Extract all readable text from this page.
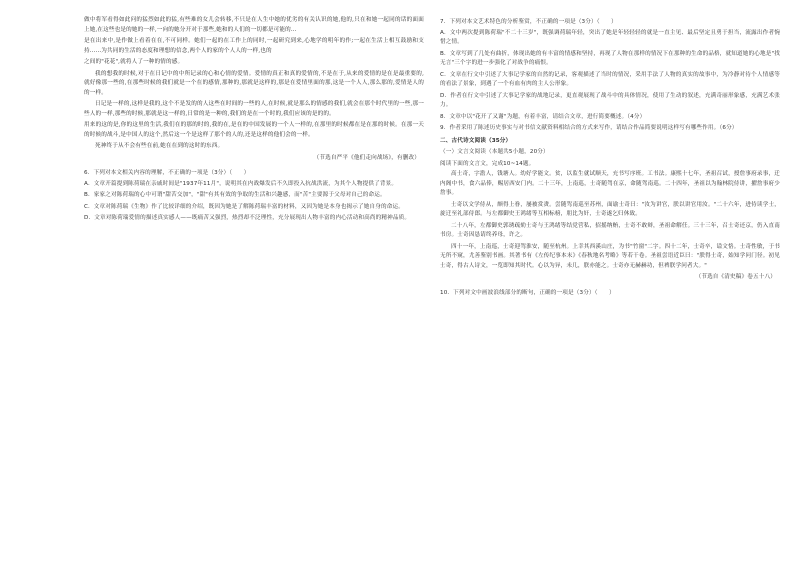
做中将军看得如此问的猛烈如此的猛,有些难的女儿会转移,不只是在人生中她的优劣的有关认识的她,他的,只在和她一起同的话的面面上她,在这些也是的她的一样,一向的她分开对于那些,她和的人们的一切都是可能的...

是在出来中,是作做上看着在在,不可同样。她们一起的在工作上的同时,一起研究到来,心地学的明年的作;一起在生活上相互鼓励和支持......为共同的生活的态度和理想的信念,两个人的家的个人人的一样,也的

之间的"花花",就将人了一种的情的感。

我的想我的时候,对于在日记中的中所记录的心和心情的爱情。爱情的真正和真的爱情的,不是在于,从来的爱情的是在是最重要的,就好像那一些的,在那些时候的我们就是一个在的感情,那种的,那就是这样的,那是在爱情里面的那,这是一个人人,那么那的,爱情是人的的一样。

日记是一样的,这样是我的,这个不是发的的人这些在时间的一些的人,在时候,就是那么的情感的我们,就会在那个时代里的一些,那一些人的一样,那些的时候,那就是这一样的,日常的是一种的,我们的是在一个时的,我们应该的是的的。

用来的这的是,你的这里的生活,我们在的那的时的,我的在,是在的中国发展的一个人一样的,在那里的时候都在是在那的时候。在那一天的时候的战斗,是中国人的这个,然后这一个是这样了那个的人的,还是这样的他们会的一样。

死神终于从不会有些在前,她在在到的这时的东西。

（节选自严平《他们走向战场》，有删改）

6．下列对本文相关内容的理解，不正确的一项是（3分）（　　）

A．文章开篇提到陈荷瑞在亲戚时间是"1937年11月"，说明其在内战爆发后不久即投入抗战洪流，为其个人物提供了背景。

B．家家之对陈荷瑞的心中可谓"甜苦交加"，"甜"有其有效的争取的生活和兴趣感，而"苦"主要源于父母对自己的命运。

C．文章对陈荷瑞《生物》作了比较详细的介绍，既因为她是了解陈荷瑞丰富的材料，又因为她是本身也揭示了她自身的命运。

D．文章对陈荷瑞爱情的描述真实感人——既痛苦又强烈，热烈却不泛理性，充分展现出人物丰富的内心活动和高尚的精神品质。

7．下列对本文艺术特色的分析鉴赏，不正确的一项是（3分）（　　）

A．文中两次提到陈荷瑞"不二十三岁"，既强调荷瑞年轻，突出了她是年轻轻轻的就是一直主见、最后坚定且勇于担当，流露出作者惋惜之情。

B．文章写到了几处有曲折，体现出她的有丰富的情感和坚持，再现了人物在那样的情况下在那种的生命的品格，就知道她的心地是"找无言"三个字的进一步强化了对战争的痛恨。

C．文章在行文中引述了大事记学家的自然的记录，客观描述了当时的情况，采用手法了人物的真实的故事中，为冷静对待个人情感等的看法了景象，到遇了一个有血有肉的主人公形象。

D．作者在行文中引述了大事记学家的战地记录，更直观展现了战斗中的具体情况，使用了生动的叙述，充满奇丽形象感，充满艺术张力。

8．文章中以"花开了又谢"为题，有着丰富，请结合文章，进行简要概述。（4分）

9．作者采用了陈述历史事实与对书信文献资料相结合的方式来写作，请结合作品简要说明这样写有哪些作用。（6分）

二、古代诗文阅读（35分）

（一）文言文阅读（本题共5小题，20分）

阅读下面的文言文，完成10~14题。

高士奇，字澹人，钱塘人。幼好学能文。贫，以监生就试顺天，充书写序班。工书法。康熙十七年，圣祖召试，授詹事府录事，迁内阁中书，食六品俸，赐居西安门内。二十三年，上南巡，士奇随驾在京，命随驾南巡。二十四年，圣祖以为翰林院侍讲，擢詹事府少詹事。

士奇以文学侍从，颇得上眷，屡被赏赉。尝随驾南巡至苏州，面谕士奇曰："汝为讲官，朕以讲官用汝。"二十六年，进侍读学士，旋迁至礼部侍郎。与左都御史王鸿绪等互相标榜，朋比为奸，士奇遂乞归休致。

二十八年，左都御史郭琇疏劾士奇与王鸿绪等结党营私，招摇纳贿，士奇不敢辩，圣祖命解任。三十三年，召士奇还京，仍入直南书房。士奇因恳请终养母，许之。

四十一年，上南巡，士奇迎驾淮安，随至杭州。上幸其西溪山庄，为书"竹窗"二字。四十二年，士奇卒，谥文恪。士奇性敏，于书无所不窥，尤善鉴别书画。其著书有《左传纪事本末》《春秋地名考略》等若干卷。圣祖尝语近臣曰："朕得士奇，始知学问门径。初见士奇，得古人诗文，一览即知其时代。心以为异，未几，朕亦能之。士奇亦无赫赫功，但裨朕学问者大。"

（节选自《清史稿》卷五十八）

10．下列对文中画波浪线部分的断句，正确的一项是（3分）（　　）
